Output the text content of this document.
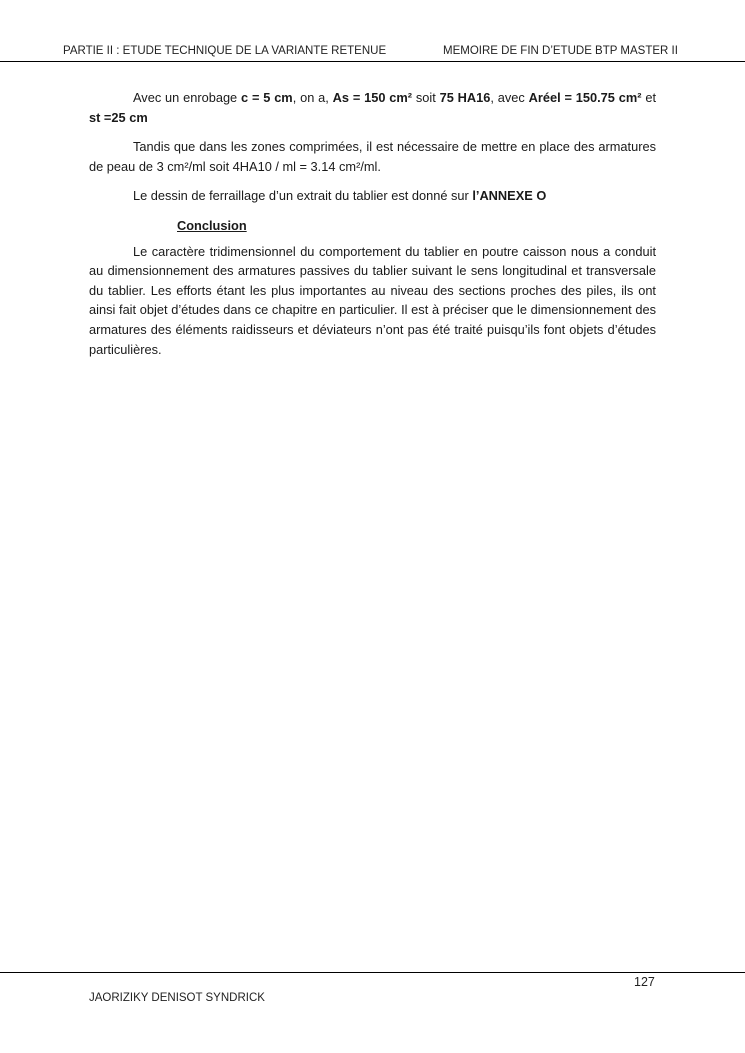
PARTIE II : ETUDE TECHNIQUE DE LA VARIANTE RETENUE	MEMOIRE DE FIN D’ETUDE BTP MASTER II

Avec un enrobage c = 5 cm, on a, As = 150 cm² soit 75 HA16, avec Aréel = 150.75 cm² et st =25 cm

Tandis que dans les zones comprimées, il est nécessaire de mettre en place des armatures de peau de 3 cm²/ml soit 4HA10 / ml = 3.14 cm²/ml.

Le dessin de ferraillage d’un extrait du tablier est donné sur l’ANNEXE O

Conclusion

Le caractère tridimensionnel du comportement du tablier en poutre caisson nous a conduit au dimensionnement des armatures passives du tablier suivant le sens longitudinal et transversale du tablier. Les efforts étant les plus importantes au niveau des sections proches des piles, ils ont ainsi fait objet d’études dans ce chapitre en particulier. Il est à préciser que le dimensionnement des armatures des éléments raidisseurs et déviateurs n’ont pas été traité puisqu’ils font objets d’études particulières.

127
JAORIZIKY DENISOT SYNDRICK
